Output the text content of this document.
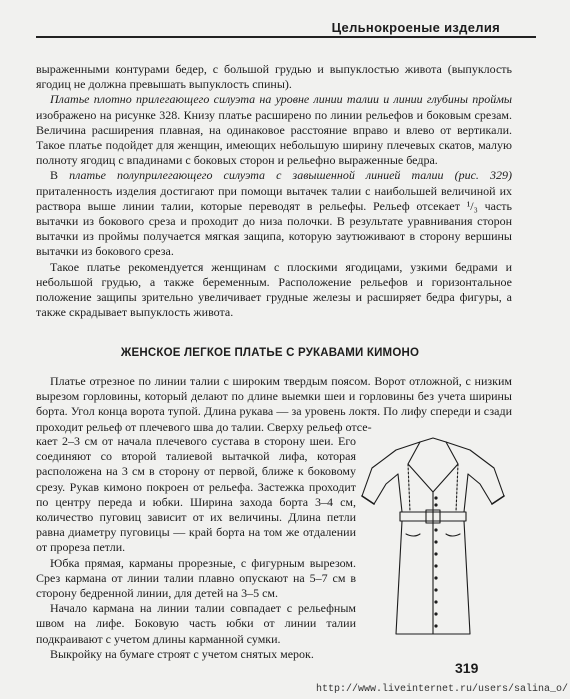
Цельнокроеные изделия

выраженными контурами бедер, с большой грудью и выпуклостью живота (выпуклость ягодиц не должна превышать выпуклость спины).

Платье плотно прилегающего силуэта на уровне линии талии и линии глубины проймы изображено на рисунке 328. Книзу платье расширено по линии рельефов и боковым срезам. Величина расширения плавная, на одинаковое расстояние вправо и влево от вертикали. Такое платье подойдет для женщин, имеющих небольшую ширину плечевых скатов, малую полноту ягодиц с впадинами с боковых сторон и рельефно выраженные бедра.

В платье полуприлегающего силуэта с завышенной линией талии (рис. 329) приталенность изделия достигают при помощи вытачек талии с наибольшей величиной их раствора выше линии талии, которые переводят в рельефы. Рельеф отсекает ¹/₃ часть вытачки из бокового среза и проходит до низа полочки. В результате уравнивания сторон вытачки из проймы получается мягкая защипа, которую заутюживают в сторону вершины вытачки из бокового среза.

Такое платье рекомендуется женщинам с плоскими ягодицами, узкими бедрами и небольшой грудью, а также беременным. Расположение рельефов и горизонтальное положение защипы зрительно увеличивает грудные железы и расширяет бедра фигуры, а также скрадывает выпуклость живота.

ЖЕНСКОЕ ЛЕГКОЕ ПЛАТЬЕ С РУКАВАМИ КИМОНО

Платье отрезное по линии талии с широким твердым поясом. Ворот отложной, с низким вырезом горловины, который делают по длине выемки шеи и горловины без учета ширины борта. Угол конца ворота тупой. Длина рукава — за уровень локтя. По лифу спереди и сзади проходит рельеф от плечевого шва до талии. Сверху рельеф отсе-

кает 2–3 см от начала плечевого сустава в сторону шеи. Его соединяют со второй талиевой вытачкой лифа, которая расположена на 3 см в сторону от первой, ближе к боковому срезу. Рукав кимоно покроен от рельефа. Застежка проходит по центру переда и юбки. Ширина захода борта 3–4 см, количество пуговиц зависит от их величины. Длина петли равна диаметру пуговицы — край борта на том же отдалении от прореза петли.

Юбка прямая, карманы прорезные, с фигурным вырезом. Срез кармана от линии талии плавно опускают на 5–7 см в сторону бедренной линии, для детей на 3–5 см.

Начало кармана на линии талии совпадает с рельефным швом на лифе. Боковую часть юбки от линии талии подкраивают с учетом длины карманной сумки.

Выкройку на бумаге строят с учетом снятых мерок.

319
http://www.liveinternet.ru/users/salina_o/
